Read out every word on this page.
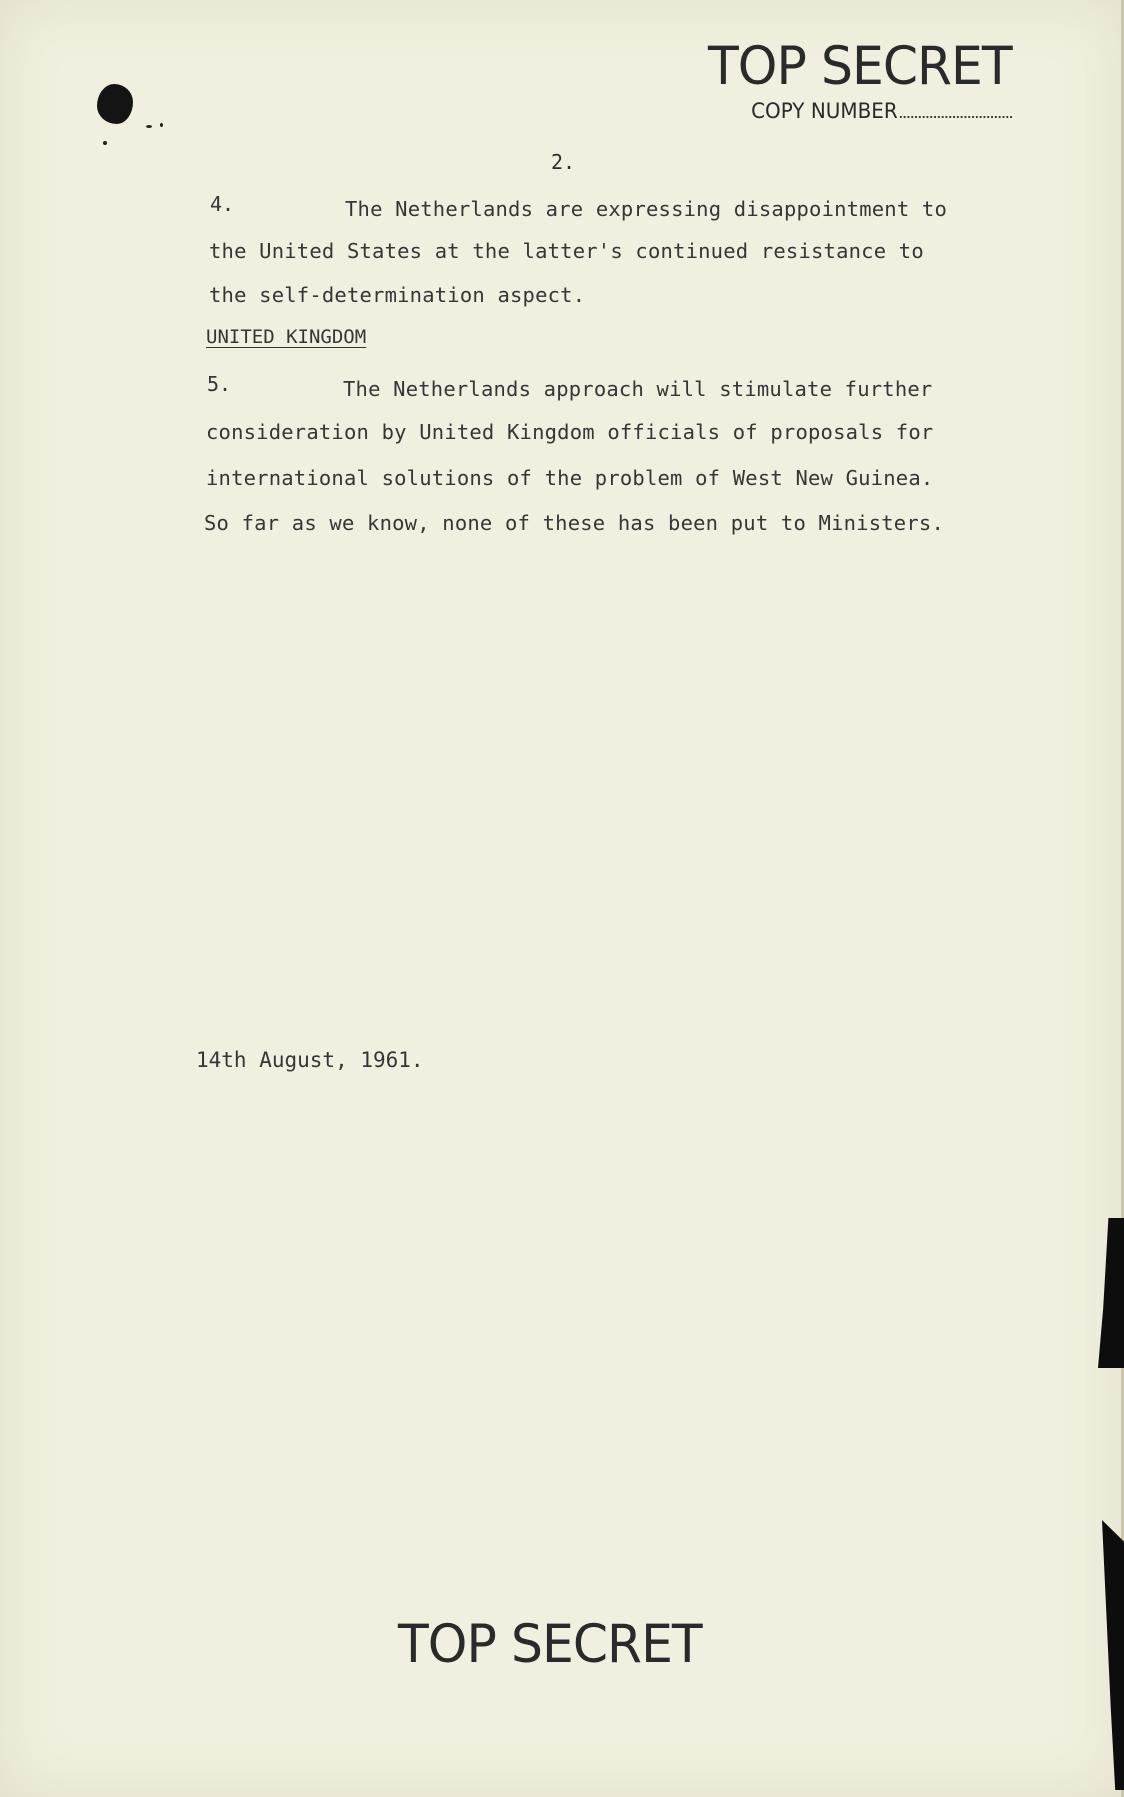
TOP SECRET
COPY NUMBER
2.
4.	The Netherlands are expressing disappointment to
the United States at the latter's continued resistance to
the self-determination aspect.
UNITED KINGDOM
5.	The Netherlands approach will stimulate further
consideration by United Kingdom officials of proposals for
international solutions of the problem of West New Guinea.
So far as we know, none of these has been put to Ministers.
14th August, 1961.
TOP SECRET
